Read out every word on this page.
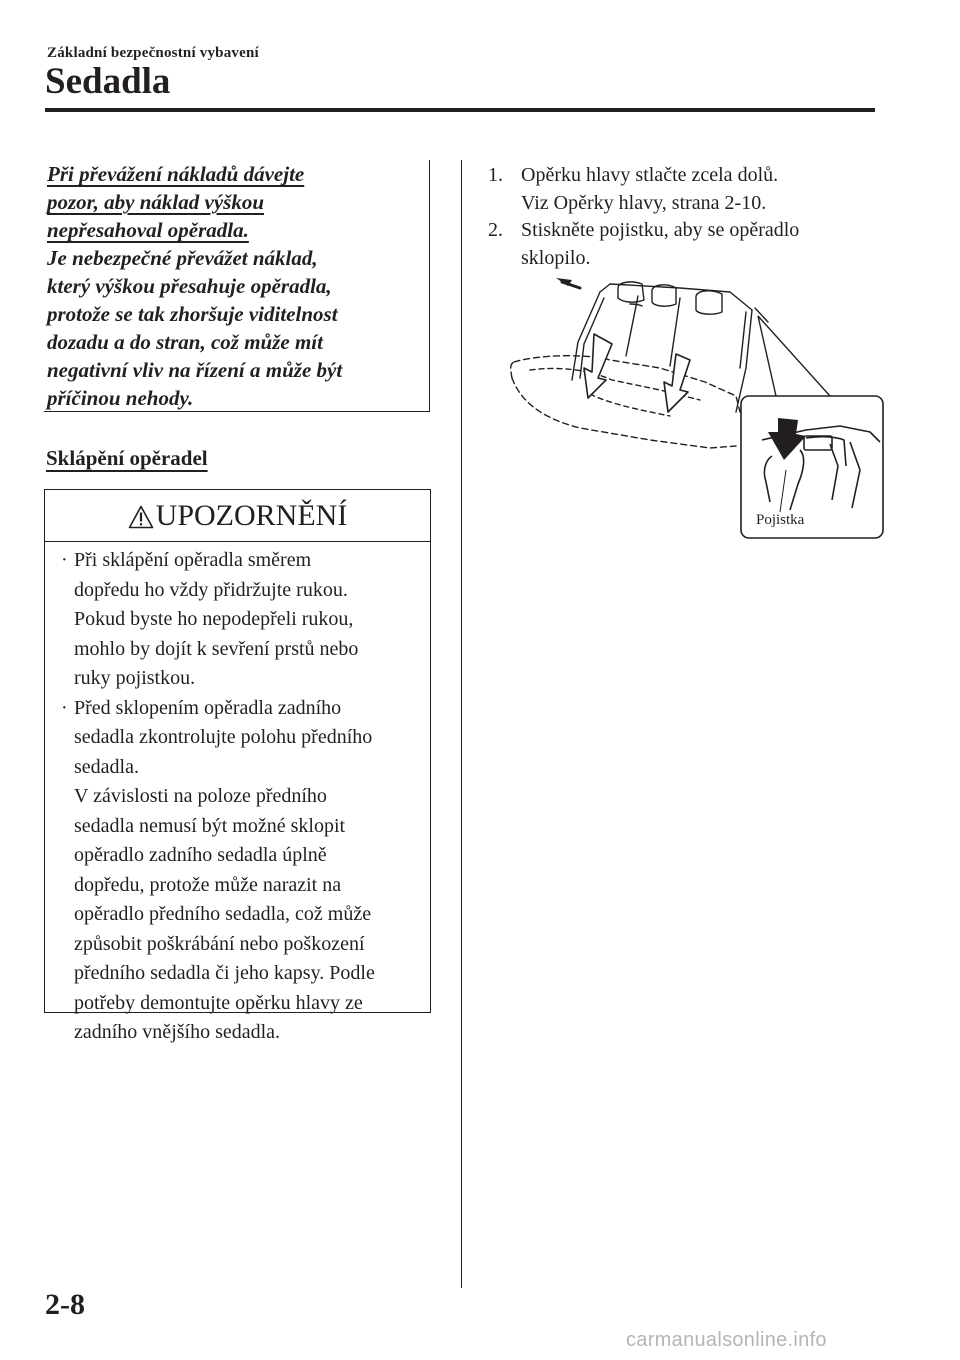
Základní bezpečnostní vybavení
Sedadla
Při převážení nákladů dávejte
pozor, aby náklad výškou
nepřesahoval opěradla.
Je nebezpečné převážet náklad,
který výškou přesahuje opěradla,
protože se tak zhoršuje viditelnost
dozadu a do stran, což může mít
negativní vliv na řízení a může být
příčinou nehody.
Sklápění opěradel
UPOZORNĚNÍ
· Při sklápění opěradla směrem
dopředu ho vždy přidržujte rukou.
Pokud byste ho nepodepřeli rukou,
mohlo by dojít k sevření prstů nebo
ruky pojistkou.

· Před sklopením opěradla zadního
sedadla zkontrolujte polohu předního
sedadla.

V závislosti na poloze předního
sedadla nemusí být možné sklopit
opěradlo zadního sedadla úplně
dopředu, protože může narazit na
opěradlo předního sedadla, což může
způsobit poškrábání nebo poškození
předního sedadla či jeho kapsy. Podle
potřeby demontujte opěrku hlavy ze
zadního vnějšího sedadla.

1. Opěrku hlavy stlačte zcela dolů.
Viz Opěrky hlavy, strana 2-10.
2. Stiskněte pojistku, aby se opěradlo
sklopilo.
Pojistka
2-8
carmanualsonline.info
